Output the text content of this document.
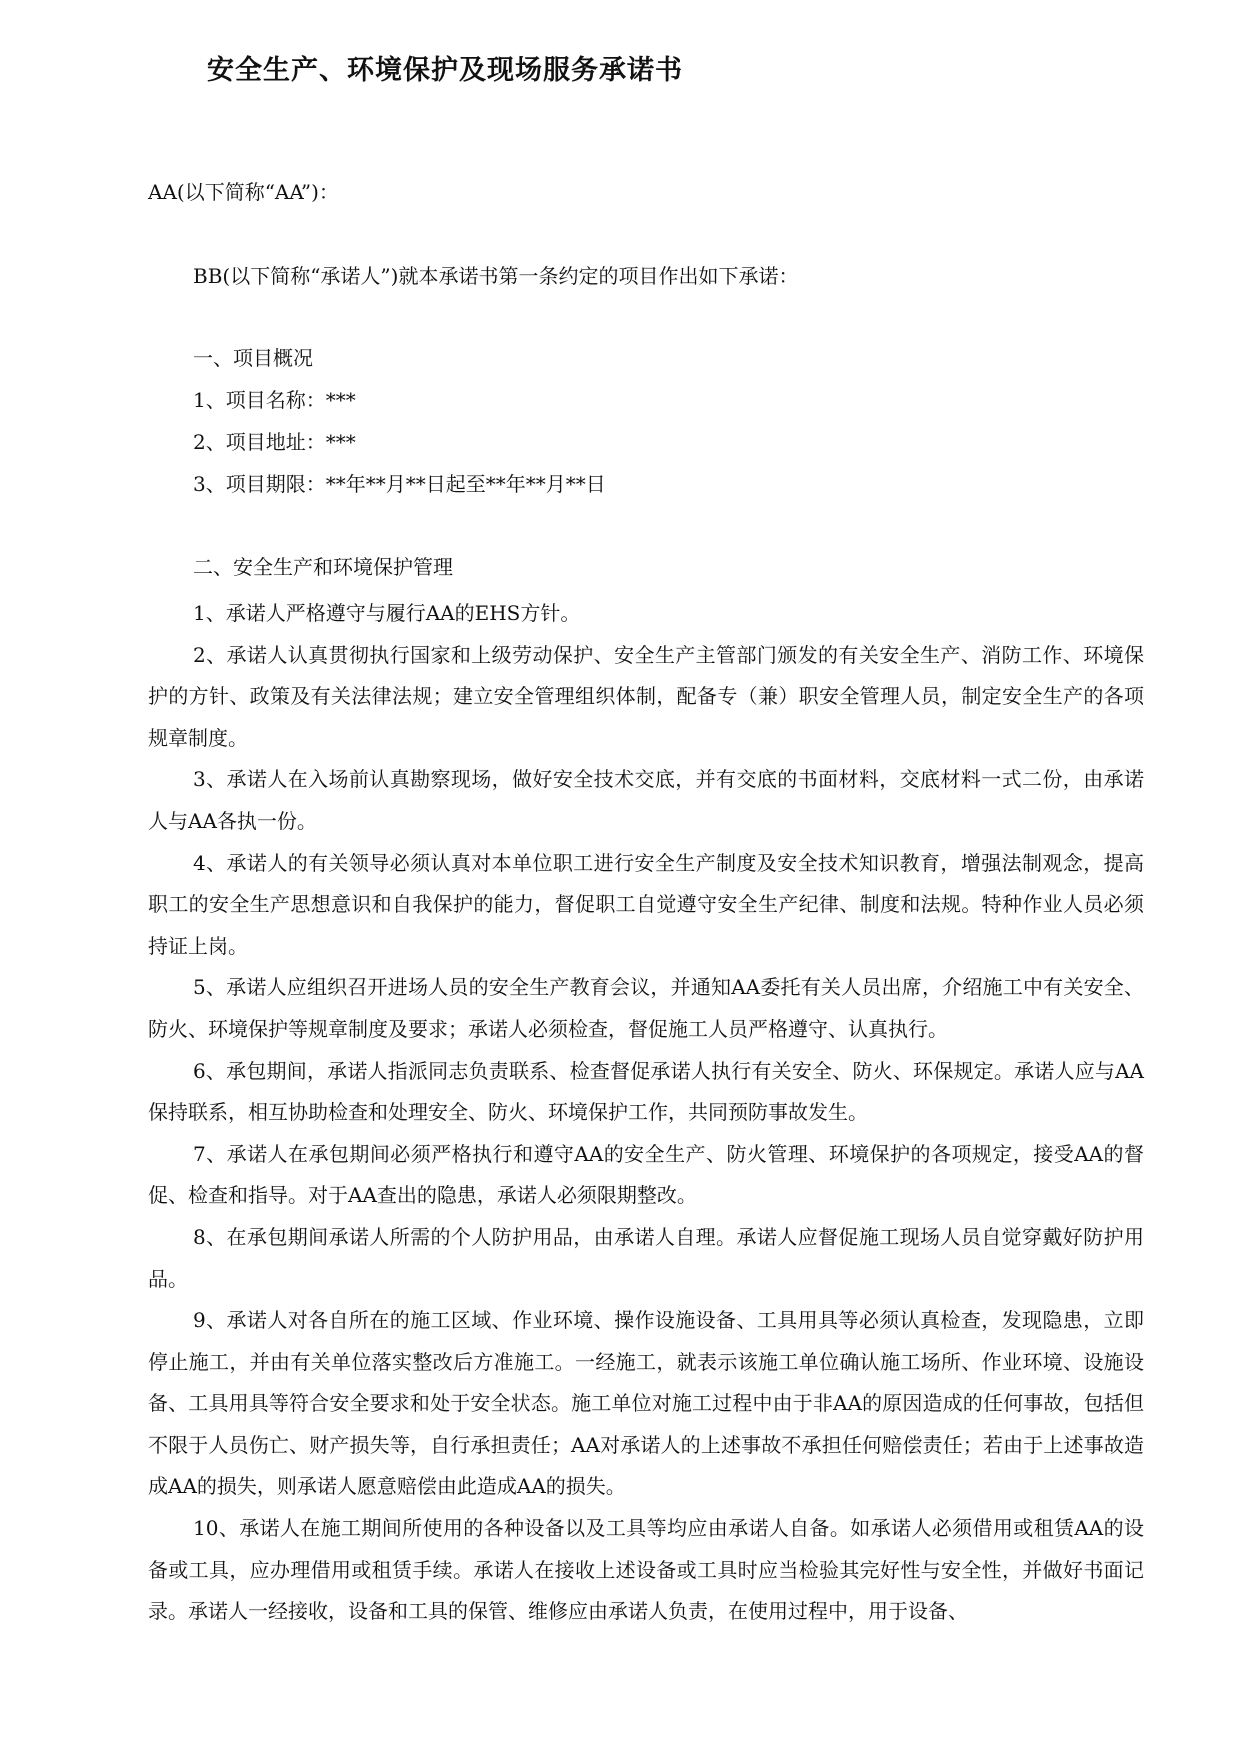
安全生产、环境保护及现场服务承诺书

AA(以下简称“AA”)：

BB(以下简称“承诺人”)就本承诺书第一条约定的项目作出如下承诺：

一、项目概况

1、项目名称：***

2、项目地址：***

3、项目期限：**年**月**日起至**年**月**日

二、安全生产和环境保护管理

1、承诺人严格遵守与履行AA的EHS方针。

2、承诺人认真贯彻执行国家和上级劳动保护、安全生产主管部门颁发的有关安全生产、消防工作、环境保护的方针、政策及有关法律法规；建立安全管理组织体制，配备专（兼）职安全管理人员，制定安全生产的各项规章制度。

3、承诺人在入场前认真勘察现场，做好安全技术交底，并有交底的书面材料，交底材料一式二份，由承诺人与AA各执一份。

4、承诺人的有关领导必须认真对本单位职工进行安全生产制度及安全技术知识教育，增强法制观念，提高职工的安全生产思想意识和自我保护的能力，督促职工自觉遵守安全生产纪律、制度和法规。特种作业人员必须持证上岗。

5、承诺人应组织召开进场人员的安全生产教育会议，并通知AA委托有关人员出席，介绍施工中有关安全、防火、环境保护等规章制度及要求；承诺人必须检查，督促施工人员严格遵守、认真执行。

6、承包期间，承诺人指派同志负责联系、检查督促承诺人执行有关安全、防火、环保规定。承诺人应与AA保持联系，相互协助检查和处理安全、防火、环境保护工作，共同预防事故发生。

7、承诺人在承包期间必须严格执行和遵守AA的安全生产、防火管理、环境保护的各项规定，接受AA的督促、检查和指导。对于AA查出的隐患，承诺人必须限期整改。

8、在承包期间承诺人所需的个人防护用品，由承诺人自理。承诺人应督促施工现场人员自觉穿戴好防护用品。

9、承诺人对各自所在的施工区域、作业环境、操作设施设备、工具用具等必须认真检查，发现隐患，立即停止施工，并由有关单位落实整改后方准施工。一经施工，就表示该施工单位确认施工场所、作业环境、设施设备、工具用具等符合安全要求和处于安全状态。施工单位对施工过程中由于非AA的原因造成的任何事故，包括但不限于人员伤亡、财产损失等，自行承担责任；AA对承诺人的上述事故不承担任何赔偿责任；若由于上述事故造成AA的损失，则承诺人愿意赔偿由此造成AA的损失。

10、承诺人在施工期间所使用的各种设备以及工具等均应由承诺人自备。如承诺人必须借用或租赁AA的设备或工具，应办理借用或租赁手续。承诺人在接收上述设备或工具时应当检验其完好性与安全性，并做好书面记录。承诺人一经接收，设备和工具的保管、维修应由承诺人负责，在使用过程中，用于设备、
